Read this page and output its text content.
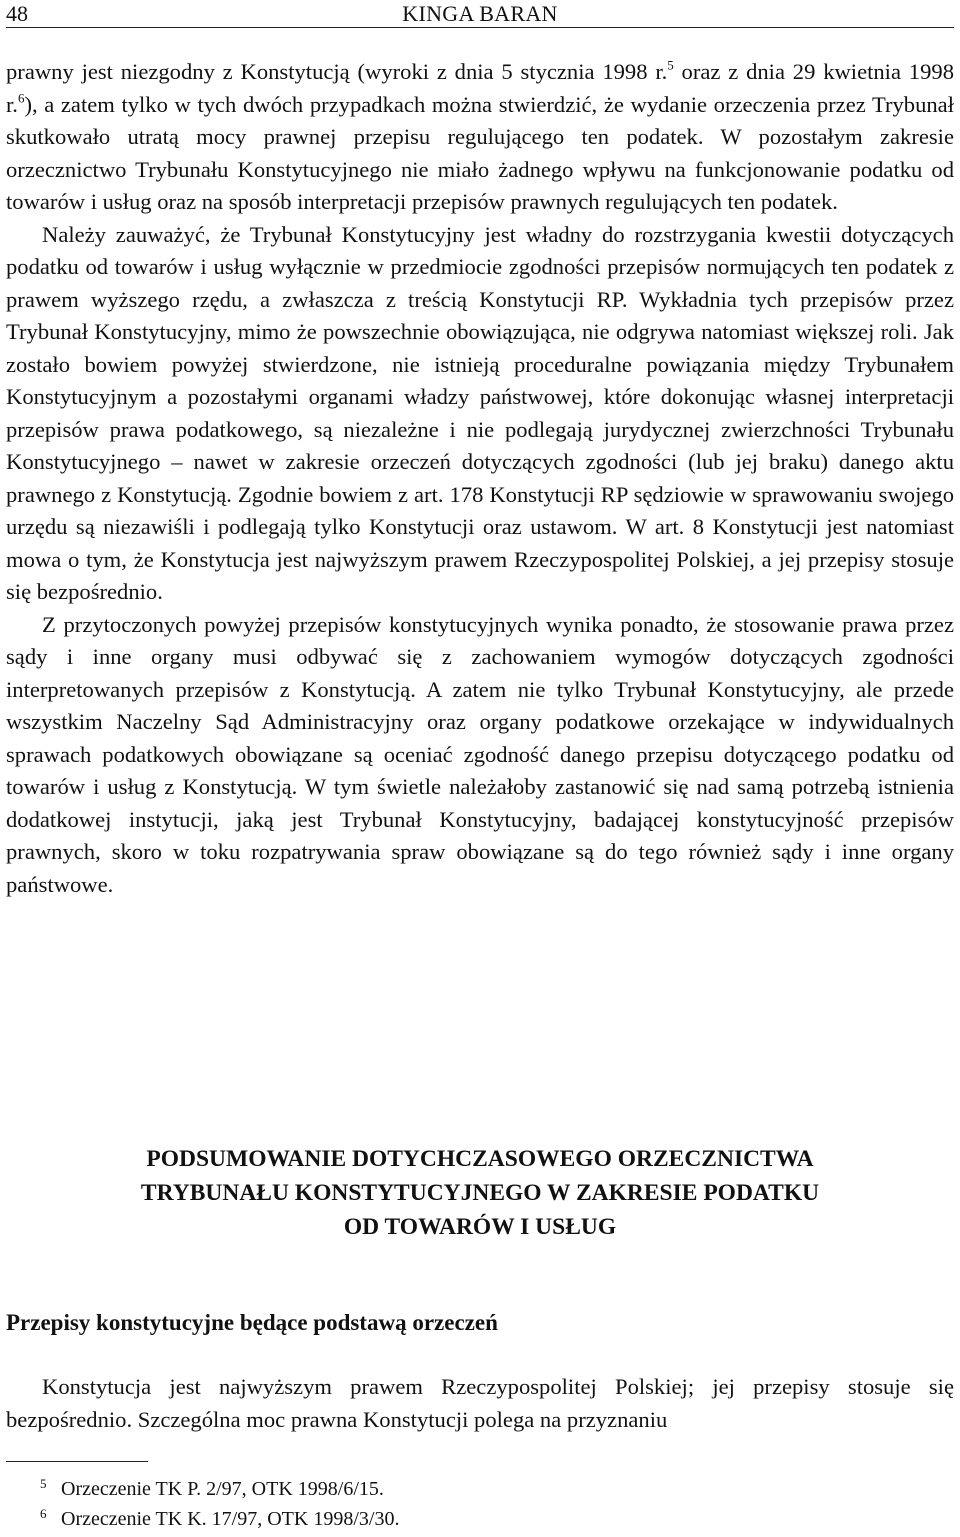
48	KINGA BARAN

prawny jest niezgodny z Konstytucją (wyroki z dnia 5 stycznia 1998 r.$^5$ oraz z dnia 29 kwietnia 1998 r.$^6$), a zatem tylko w tych dwóch przypadkach można stwierdzić, że wydanie orzeczenia przez Trybunał skutkowało utratą mocy prawnej przepisu regulującego ten podatek. W pozostałym zakresie orzecznictwo Trybunału Konstytucyjnego nie miało żadnego wpływu na funkcjonowanie podatku od towarów i usług oraz na sposób interpretacji przepisów prawnych regulujących ten podatek.

Należy zauważyć, że Trybunał Konstytucyjny jest władny do rozstrzygania kwestii dotyczących podatku od towarów i usług wyłącznie w przedmiocie zgodności przepisów normujących ten podatek z prawem wyższego rzędu, a zwłaszcza z treścią Konstytucji RP. Wykładnia tych przepisów przez Trybunał Konstytucyjny, mimo że powszechnie obowiązująca, nie odgrywa natomiast większej roli. Jak zostało bowiem powyżej stwierdzone, nie istnieją proceduralne powiązania między Trybunałem Konstytucyjnym a pozostałymi organami władzy państwowej, które dokonując własnej interpretacji przepisów prawa podatkowego, są niezależne i nie podlegają jurydycznej zwierzchności Trybunału Konstytucyjnego – nawet w zakresie orzeczeń dotyczących zgodności (lub jej braku) danego aktu prawnego z Konstytucją. Zgodnie bowiem z art. 178 Konstytucji RP sędziowie w sprawowaniu swojego urzędu są niezawiśli i podlegają tylko Konstytucji oraz ustawom. W art. 8 Konstytucji jest natomiast mowa o tym, że Konstytucja jest najwyższym prawem Rzeczypospolitej Polskiej, a jej przepisy stosuje się bezpośrednio.

Z przytoczonych powyżej przepisów konstytucyjnych wynika ponadto, że stosowanie prawa przez sądy i inne organy musi odbywać się z zachowaniem wymogów dotyczących zgodności interpretowanych przepisów z Konstytucją. A zatem nie tylko Trybunał Konstytucyjny, ale przede wszystkim Naczelny Sąd Administracyjny oraz organy podatkowe orzekające w indywidualnych sprawach podatkowych obowiązane są oceniać zgodność danego przepisu dotyczącego podatku od towarów i usług z Konstytucją. W tym świetle należałoby zastanowić się nad samą potrzebą istnienia dodatkowej instytucji, jaką jest Trybunał Konstytucyjny, badającej konstytucyjność przepisów prawnych, skoro w toku rozpatrywania spraw obowiązane są do tego również sądy i inne organy państwowe.

PODSUMOWANIE DOTYCHCZASOWEGO ORZECZNICTWA
TRYBUNAŁU KONSTYTUCYJNEGO W ZAKRESIE PODATKU
OD TOWARÓW I USŁUG
Przepisy konstytucyjne będące podstawą orzeczeń

Konstytucja jest najwyższym prawem Rzeczypospolitej Polskiej; jej przepisy stosuje się bezpośrednio. Szczególna moc prawna Konstytucji polega na przyznaniu

5 Orzeczenie TK P. 2/97, OTK 1998/6/15.
6 Orzeczenie TK K. 17/97, OTK 1998/3/30.
